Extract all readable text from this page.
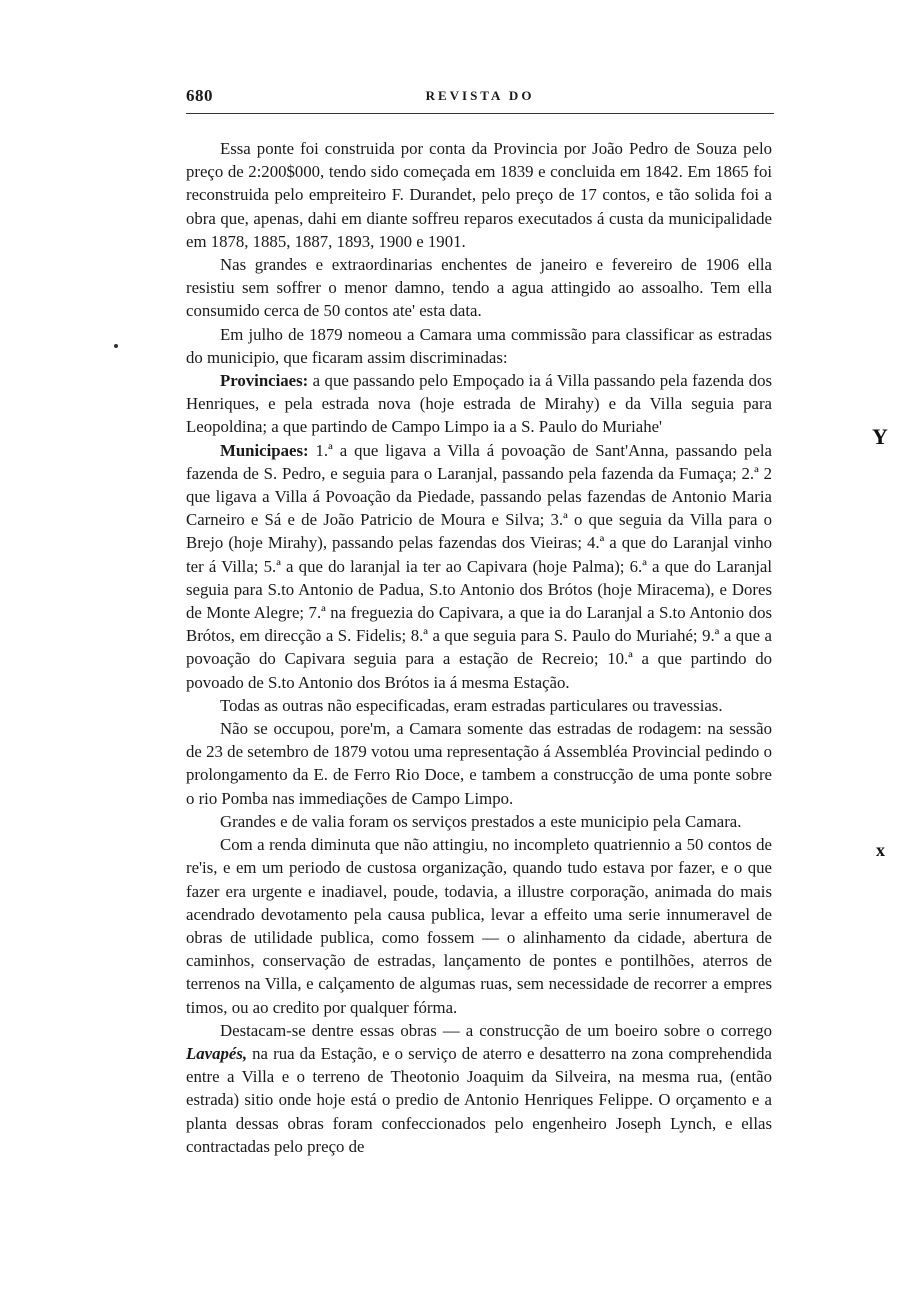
680	REVISTA DO
Y
x

Essa ponte foi construida por conta da Provincia por João Pedro de Souza pelo preço de 2:200$000, tendo sido começada em 1839 e concluida em 1842. Em 1865 foi reconstruida pelo empreiteiro F. Durandet, pelo preço de 17 contos, e tão solida foi a obra que, apenas, dahi em diante soffreu reparos executados á custa da municipalidade em 1878, 1885, 1887, 1893, 1900 e 1901.

Nas grandes e extraordinarias enchentes de janeiro e fevereiro de 1906 ella resistiu sem soffrer o menor damno, tendo a agua attingido ao assoalho. Tem ella consumido cerca de 50 contos ate' esta data.

Em julho de 1879 nomeou a Camara uma commissão para classificar as estradas do municipio, que ficaram assim discriminadas:

Provinciaes: a que passando pelo Empoçado ia á Villa passando pela fazenda dos Henriques, e pela estrada nova (hoje estrada de Mirahy) e da Villa seguia para Leopoldina; a que partindo de Campo Limpo ia a S. Paulo do Muriahe'

Municipaes: 1.ª a que ligava a Villa á povoação de Sant'Anna, passando pela fazenda de S. Pedro, e seguia para o Laranjal, passando pela fazenda da Fumaça; 2.ª 2 que ligava a Villa á Povoação da Piedade, passando pelas fazendas de Antonio Maria Carneiro e Sá e de João Patricio de Moura e Silva; 3.ª o que seguia da Villa para o Brejo (hoje Mirahy), passando pelas fazendas dos Vieiras; 4.ª a que do Laranjal vinho ter á Villa; 5.ª a que do laranjal ia ter ao Capivara (hoje Palma); 6.ª a que do Laranjal seguia para S.to Antonio de Padua, S.to Antonio dos Brótos (hoje Miracema), e Dores de Monte Alegre; 7.ª na freguezia do Capivara, a que ia do Laranjal a S.to Antonio dos Brótos, em direcção a S. Fidelis; 8.ª a que seguia para S. Paulo do Muriahé; 9.ª a que a povoação do Capivara seguia para a estação de Recreio; 10.ª a que partindo do povoado de S.to Antonio dos Brótos ia á mesma Estação.

Todas as outras não especificadas, eram estradas particulares ou travessias.

Não se occupou, pore'm, a Camara somente das estradas de rodagem: na sessão de 23 de setembro de 1879 votou uma representação á Assembléa Provincial pedindo o prolongamento da E. de Ferro Rio Doce, e tambem a construcção de uma ponte sobre o rio Pomba nas immediações de Campo Limpo.

Grandes e de valia foram os serviços prestados a este municipio pela Camara.

Com a renda diminuta que não attingiu, no incompleto quatriennio a 50 contos de re'is, e em um periodo de custosa organização, quando tudo estava por fazer, e o que fazer era urgente e inadiavel, poude, todavia, a illustre corporação, animada do mais acendrado devotamento pela causa publica, levar a effeito uma serie innumeravel de obras de utilidade publica, como fossem — o alinhamento da cidade, abertura de caminhos, conservação de estradas, lançamento de pontes e pontilhões, aterros de terrenos na Villa, e calçamento de algumas ruas, sem necessidade de recorrer a empres timos, ou ao credito por qualquer fórma.

Destacam-se dentre essas obras — a construcção de um boeiro sobre o corrego Lavapés, na rua da Estação, e o serviço de aterro e desatterro na zona comprehendida entre a Villa e o terreno de Theotonio Joaquim da Silveira, na mesma rua, (então estrada) sitio onde hoje está o predio de Antonio Henriques Felippe. O orçamento e a planta dessas obras foram confeccionados pelo engenheiro Joseph Lynch, e ellas contractadas pelo preço de
